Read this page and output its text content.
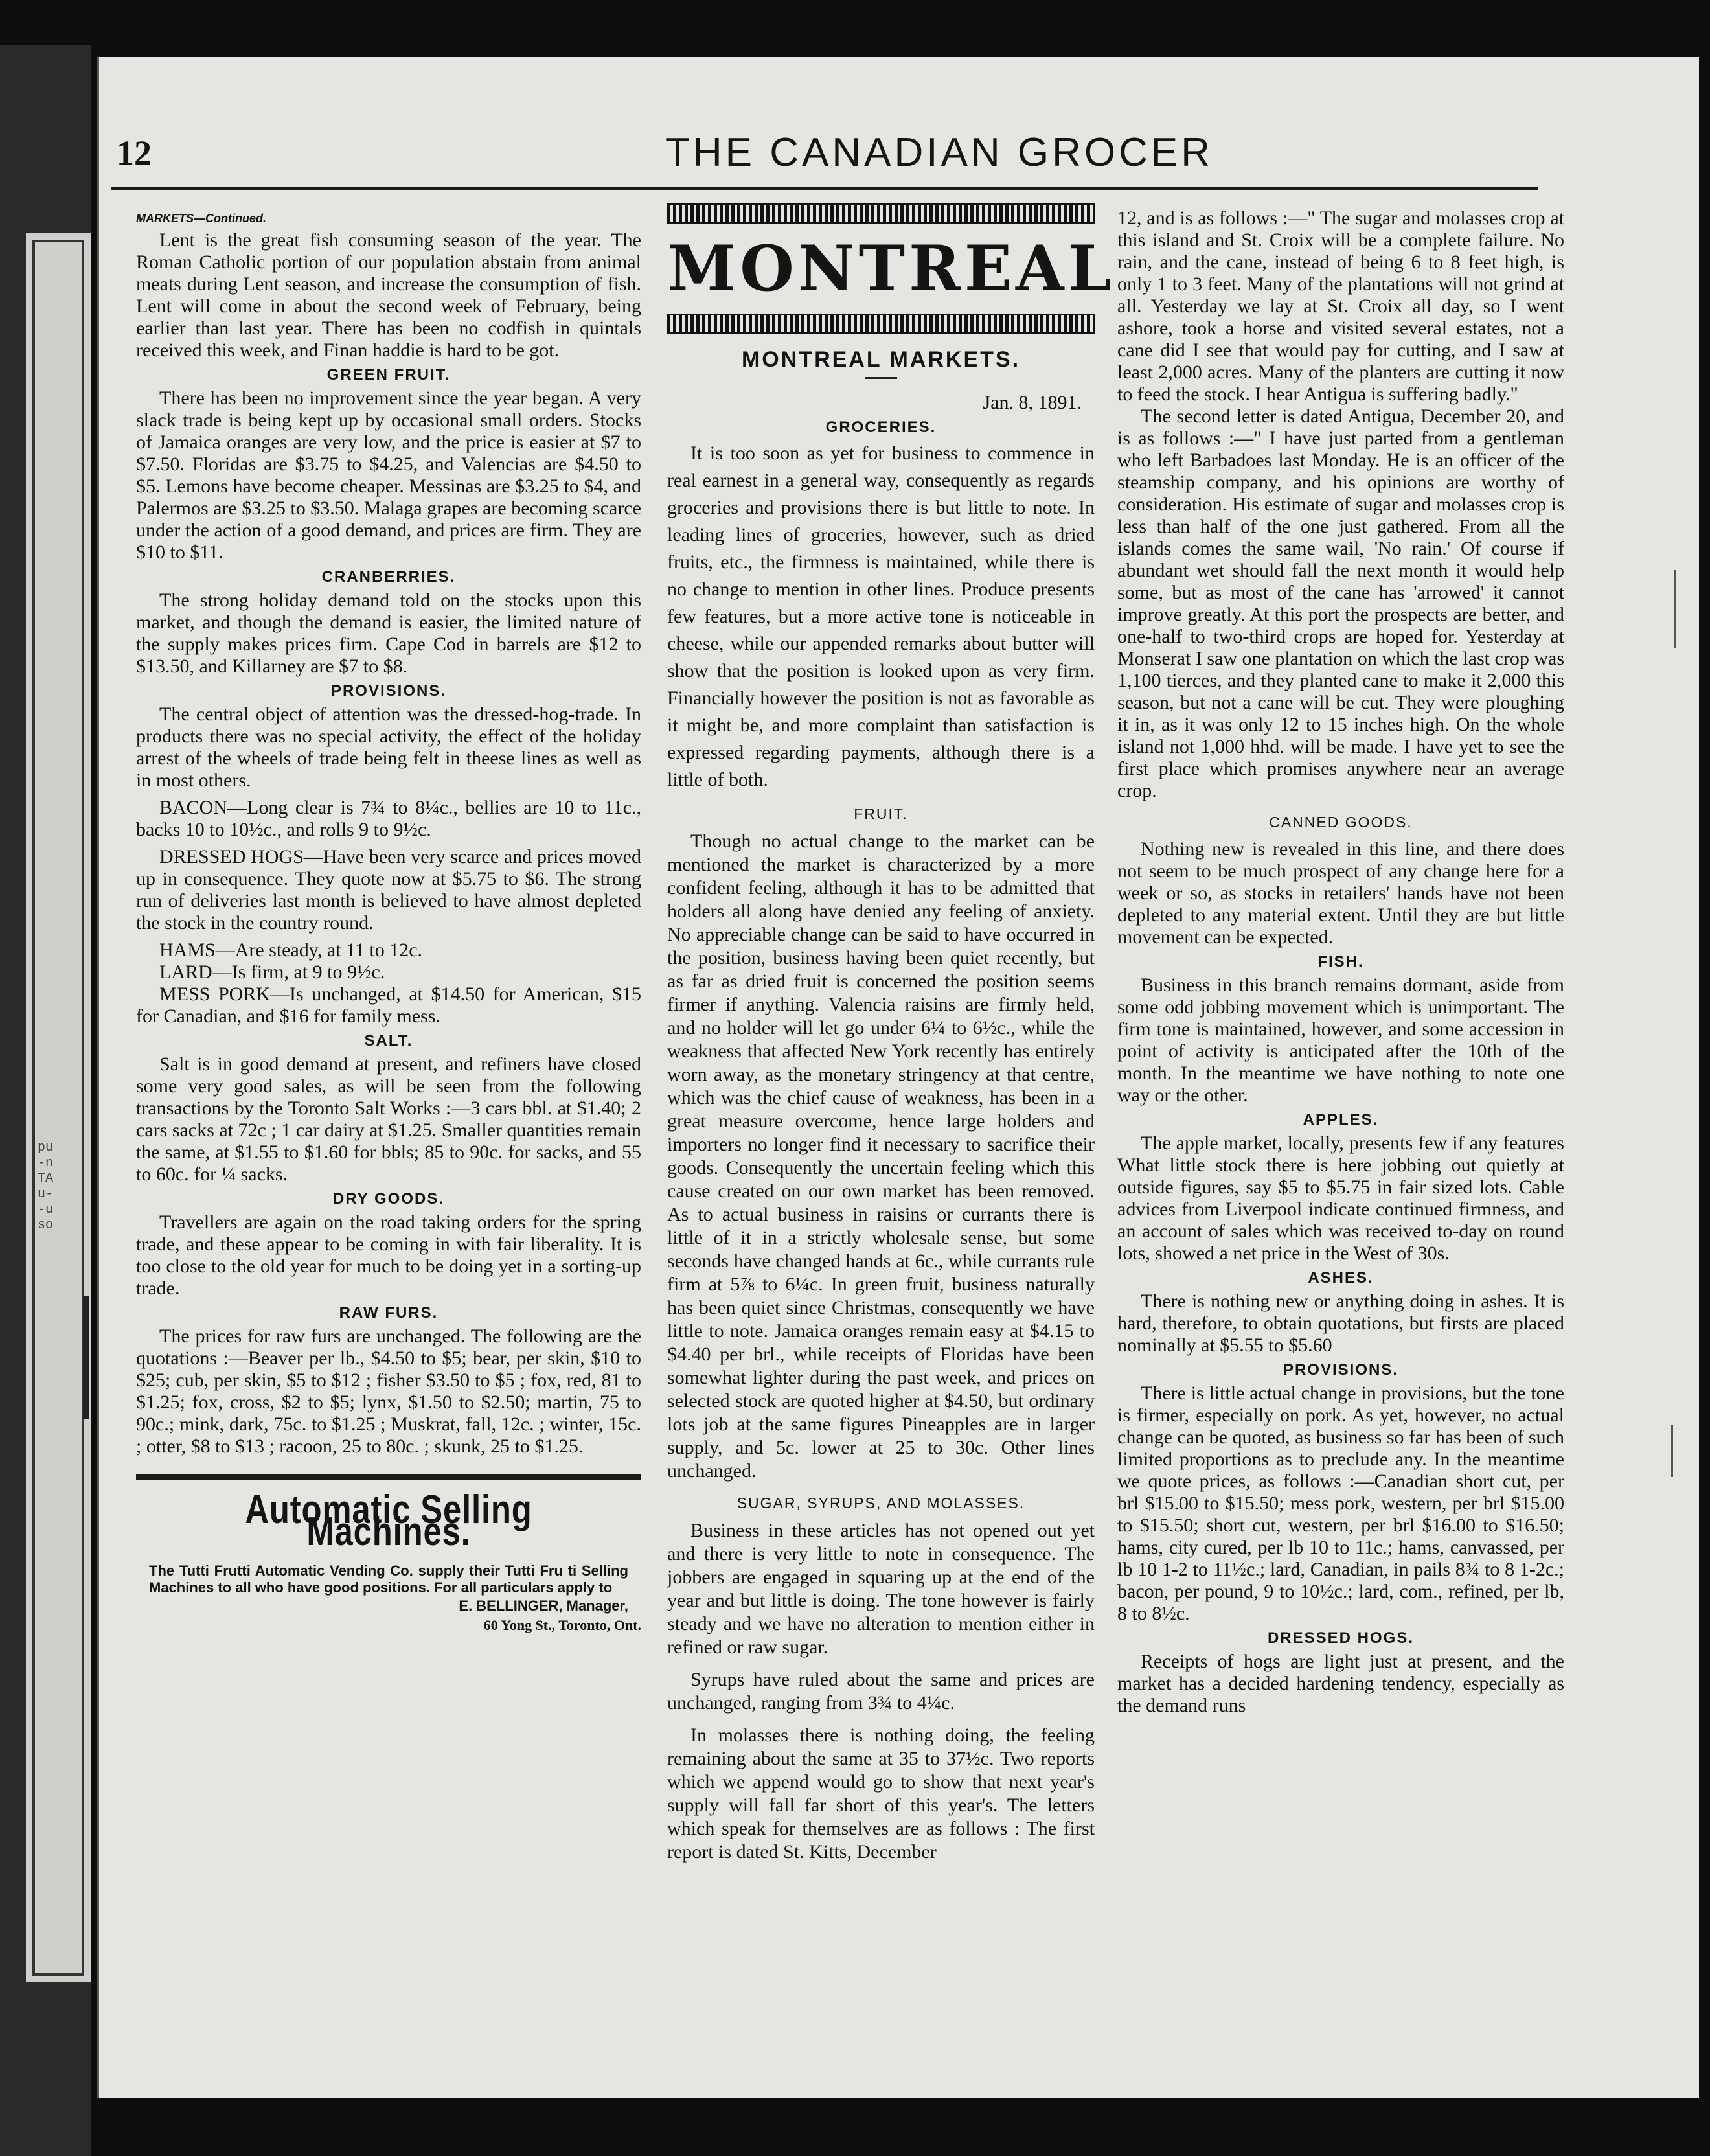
pu
-n
TA
u-
-u
so
12	THE CANADIAN GROCER

MARKETS—Continued.

Lent is the great fish consuming season of the year. The Roman Catholic portion of our population abstain from animal meats during Lent season, and increase the consumption of fish. Lent will come in about the second week of February, being earlier than last year. There has been no codfish in quintals received this week, and Finan haddie is hard to be got.

GREEN FRUIT.

There has been no improvement since the year began. A very slack trade is being kept up by occasional small orders. Stocks of Jamaica oranges are very low, and the price is easier at $7 to $7.50. Floridas are $3.75 to $4.25, and Valencias are $4.50 to $5. Lemons have become cheaper. Messinas are $3.25 to $4, and Palermos are $3.25 to $3.50. Malaga grapes are becoming scarce under the action of a good demand, and prices are firm. They are $10 to $11.

CRANBERRIES.

The strong holiday demand told on the stocks upon this market, and though the demand is easier, the limited nature of the supply makes prices firm. Cape Cod in barrels are $12 to $13.50, and Killarney are $7 to $8.

PROVISIONS.

The central object of attention was the dressed-hog-trade. In products there was no special activity, the effect of the holiday arrest of the wheels of trade being felt in theese lines as well as in most others.

BACON—Long clear is 7¾ to 8¼c., bellies are 10 to 11c., backs 10 to 10½c., and rolls 9 to 9½c.

DRESSED HOGS—Have been very scarce and prices moved up in consequence. They quote now at $5.75 to $6. The strong run of deliveries last month is believed to have almost depleted the stock in the country round.

HAMS—Are steady, at 11 to 12c.

LARD—Is firm, at 9 to 9½c.

MESS PORK—Is unchanged, at $14.50 for American, $15 for Canadian, and $16 for family mess.

SALT.

Salt is in good demand at present, and refiners have closed some very good sales, as will be seen from the following transactions by the Toronto Salt Works :—3 cars bbl. at $1.40; 2 cars sacks at 72c ; 1 car dairy at $1.25. Smaller quantities remain the same, at $1.55 to $1.60 for bbls; 85 to 90c. for sacks, and 55 to 60c. for ¼ sacks.

DRY GOODS.

Travellers are again on the road taking orders for the spring trade, and these appear to be coming in with fair liberality. It is too close to the old year for much to be doing yet in a sorting-up trade.

RAW FURS.

The prices for raw furs are unchanged. The following are the quotations :—Beaver per lb., $4.50 to $5; bear, per skin, $10 to $25; cub, per skin, $5 to $12 ; fisher $3.50 to $5 ; fox, red, 81 to $1.25; fox, cross, $2 to $5; lynx, $1.50 to $2.50; martin, 75 to 90c.; mink, dark, 75c. to $1.25 ; Muskrat, fall, 12c. ; winter, 15c. ; otter, $8 to $13 ; racoon, 25 to 80c. ; skunk, 25 to $1.25.

Automatic Selling Machines.

The Tutti Frutti Automatic Vending Co. supply their Tutti Fru ti Selling Machines to all who have good positions. For all particulars apply to

E. BELLINGER, Manager,
60 Yong St., Toronto, Ont.
MONTREAL
MONTREAL MARKETS.
Jan. 8, 1891.
GROCERIES.

It is too soon as yet for business to commence in real earnest in a general way, consequently as regards groceries and provisions there is but little to note. In leading lines of groceries, however, such as dried fruits, etc., the firmness is maintained, while there is no change to mention in other lines. Produce presents few features, but a more active tone is noticeable in cheese, while our appended remarks about butter will show that the position is looked upon as very firm. Financially however the position is not as favorable as it might be, and more complaint than satisfaction is expressed regarding payments, although there is a little of both.

FRUIT.

Though no actual change to the market can be mentioned the market is characterized by a more confident feeling, although it has to be admitted that holders all along have denied any feeling of anxiety. No appreciable change can be said to have occurred in the position, business having been quiet recently, but as far as dried fruit is concerned the position seems firmer if anything. Valencia raisins are firmly held, and no holder will let go under 6¼ to 6½c., while the weakness that affected New York recently has entirely worn away, as the monetary stringency at that centre, which was the chief cause of weakness, has been in a great measure overcome, hence large holders and importers no longer find it necessary to sacrifice their goods. Consequently the uncertain feeling which this cause created on our own market has been removed. As to actual business in raisins or currants there is little of it in a strictly wholesale sense, but some seconds have changed hands at 6c., while currants rule firm at 5⅞ to 6¼c. In green fruit, business naturally has been quiet since Christmas, consequently we have little to note. Jamaica oranges remain easy at $4.15 to $4.40 per brl., while receipts of Floridas have been somewhat lighter during the past week, and prices on selected stock are quoted higher at $4.50, but ordinary lots job at the same figures Pineapples are in larger supply, and 5c. lower at 25 to 30c. Other lines unchanged.

SUGAR, SYRUPS, AND MOLASSES.

Business in these articles has not opened out yet and there is very little to note in consequence. The jobbers are engaged in squaring up at the end of the year and but little is doing. The tone however is fairly steady and we have no alteration to mention either in refined or raw sugar.

Syrups have ruled about the same and prices are unchanged, ranging from 3¾ to 4¼c.

In molasses there is nothing doing, the feeling remaining about the same at 35 to 37½c. Two reports which we append would go to show that next year's supply will fall far short of this year's. The letters which speak for themselves are as follows : The first report is dated St. Kitts, December

12, and is as follows :—" The sugar and molasses crop at this island and St. Croix will be a complete failure. No rain, and the cane, instead of being 6 to 8 feet high, is only 1 to 3 feet. Many of the plantations will not grind at all. Yesterday we lay at St. Croix all day, so I went ashore, took a horse and visited several estates, not a cane did I see that would pay for cutting, and I saw at least 2,000 acres. Many of the planters are cutting it now to feed the stock. I hear Antigua is suffering badly."

The second letter is dated Antigua, December 20, and is as follows :—" I have just parted from a gentleman who left Barbadoes last Monday. He is an officer of the steamship company, and his opinions are worthy of consideration. His estimate of sugar and molasses crop is less than half of the one just gathered. From all the islands comes the same wail, 'No rain.' Of course if abundant wet should fall the next month it would help some, but as most of the cane has 'arrowed' it cannot improve greatly. At this port the prospects are better, and one-half to two-third crops are hoped for. Yesterday at Monserat I saw one plantation on which the last crop was 1,100 tierces, and they planted cane to make it 2,000 this season, but not a cane will be cut. They were ploughing it in, as it was only 12 to 15 inches high. On the whole island not 1,000 hhd. will be made. I have yet to see the first place which promises anywhere near an average crop.

CANNED GOODS.

Nothing new is revealed in this line, and there does not seem to be much prospect of any change here for a week or so, as stocks in retailers' hands have not been depleted to any material extent. Until they are but little movement can be expected.

FISH.

Business in this branch remains dormant, aside from some odd jobbing movement which is unimportant. The firm tone is maintained, however, and some accession in point of activity is anticipated after the 10th of the month. In the meantime we have nothing to note one way or the other.

APPLES.

The apple market, locally, presents few if any features What little stock there is here jobbing out quietly at outside figures, say $5 to $5.75 in fair sized lots. Cable advices from Liverpool indicate continued firmness, and an account of sales which was received to-day on round lots, showed a net price in the West of 30s.

ASHES.

There is nothing new or anything doing in ashes. It is hard, therefore, to obtain quotations, but firsts are placed nominally at $5.55 to $5.60

PROVISIONS.

There is little actual change in provisions, but the tone is firmer, especially on pork. As yet, however, no actual change can be quoted, as business so far has been of such limited proportions as to preclude any. In the meantime we quote prices, as follows :—Canadian short cut, per brl $15.00 to $15.50; mess pork, western, per brl $15.00 to $15.50; short cut, western, per brl $16.00 to $16.50; hams, city cured, per lb 10 to 11c.; hams, canvassed, per lb 10 1-2 to 11½c.; lard, Canadian, in pails 8¾ to 8 1-2c.; bacon, per pound, 9 to 10½c.; lard, com., refined, per lb, 8 to 8½c.

DRESSED HOGS.

Receipts of hogs are light just at present, and the market has a decided hardening tendency, especially as the demand runs
